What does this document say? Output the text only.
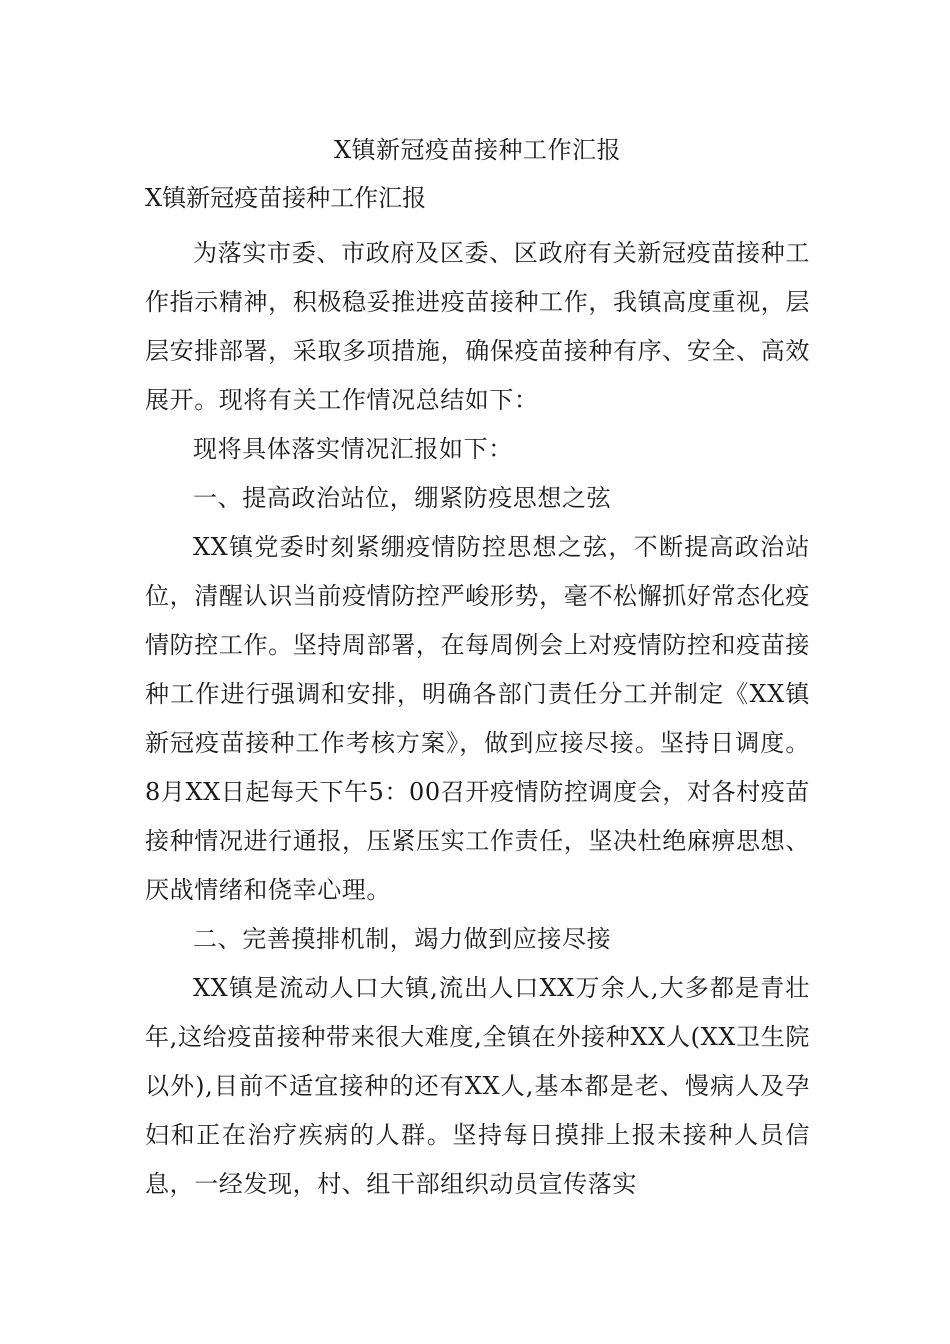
X镇新冠疫苗接种工作汇报
X镇新冠疫苗接种工作汇报

为落实市委、市政府及区委、区政府有关新冠疫苗接种工作指示精神，积极稳妥推进疫苗接种工作，我镇高度重视，层层安排部署，采取多项措施，确保疫苗接种有序、安全、高效展开。现将有关工作情况总结如下：

现将具体落实情况汇报如下：

一、提高政治站位，绷紧防疫思想之弦

XX镇党委时刻紧绷疫情防控思想之弦，不断提高政治站位，清醒认识当前疫情防控严峻形势，毫不松懈抓好常态化疫情防控工作。坚持周部署，在每周例会上对疫情防控和疫苗接种工作进行强调和安排，明确各部门责任分工并制定《XX镇新冠疫苗接种工作考核方案》，做到应接尽接。坚持日调度。8月XX日起每天下午5：00召开疫情防控调度会，对各村疫苗接种情况进行通报，压紧压实工作责任，坚决杜绝麻痹思想、厌战情绪和侥幸心理。

二、完善摸排机制，竭力做到应接尽接

XX镇是流动人口大镇,流出人口XX万余人,大多都是青壮年,这给疫苗接种带来很大难度,全镇在外接种XX人(XX卫生院以外),目前不适宜接种的还有XX人,基本都是老、慢病人及孕妇和正在治疗疾病的人群。坚持每日摸排上报未接种人员信息，一经发现，村、组干部组织动员宣传落实
